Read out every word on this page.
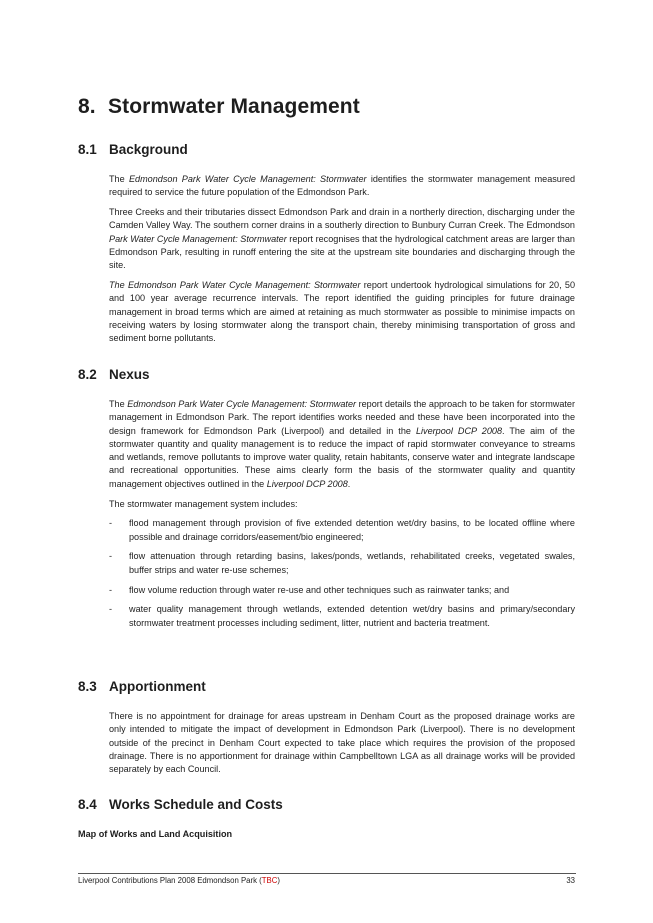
8. Stormwater Management
8.1 Background

The Edmondson Park Water Cycle Management: Stormwater identifies the stormwater management measured required to service the future population of the Edmondson Park.

Three Creeks and their tributaries dissect Edmondson Park and drain in a northerly direction, discharging under the Camden Valley Way. The southern corner drains in a southerly direction to Bunbury Curran Creek. The Edmondson Park Water Cycle Management: Stormwater report recognises that the hydrological catchment areas are larger than Edmondson Park, resulting in runoff entering the site at the upstream site boundaries and discharging through the site.

The Edmondson Park Water Cycle Management: Stormwater report undertook hydrological simulations for 20, 50 and 100 year average recurrence intervals. The report identified the guiding principles for future drainage management in broad terms which are aimed at retaining as much stormwater as possible to minimise impacts on receiving waters by losing stormwater along the transport chain, thereby minimising transportation of gross and sediment borne pollutants.

8.2 Nexus

The Edmondson Park Water Cycle Management: Stormwater report details the approach to be taken for stormwater management in Edmondson Park. The report identifies works needed and these have been incorporated into the design framework for Edmondson Park (Liverpool) and detailed in the Liverpool DCP 2008. The aim of the stormwater quantity and quality management is to reduce the impact of rapid stormwater conveyance to streams and wetlands, remove pollutants to improve water quality, retain habitants, conserve water and integrate landscape and recreational opportunities. These aims clearly form the basis of the stormwater quality and quantity management objectives outlined in the Liverpool DCP 2008.

The stormwater management system includes:

- flood management through provision of five extended detention wet/dry basins, to be located offline where possible and drainage corridors/easement/bio engineered;
- flow attenuation through retarding basins, lakes/ponds, wetlands, rehabilitated creeks, vegetated swales, buffer strips and water re-use schemes;
- flow volume reduction through water re-use and other techniques such as rainwater tanks; and
- water quality management through wetlands, extended detention wet/dry basins and primary/secondary stormwater treatment processes including sediment, litter, nutrient and bacteria treatment.
8.3 Apportionment

There is no appointment for drainage for areas upstream in Denham Court as the proposed drainage works are only intended to mitigate the impact of development in Edmondson Park (Liverpool). There is no development outside of the precinct in Denham Court expected to take place which requires the provision of the proposed drainage. There is no apportionment for drainage within Campbelltown LGA as all drainage works will be provided separately by each Council.

8.4 Works Schedule and Costs
Map of Works and Land Acquisition
Liverpool Contributions Plan 2008 Edmondson Park (TBC)	33
